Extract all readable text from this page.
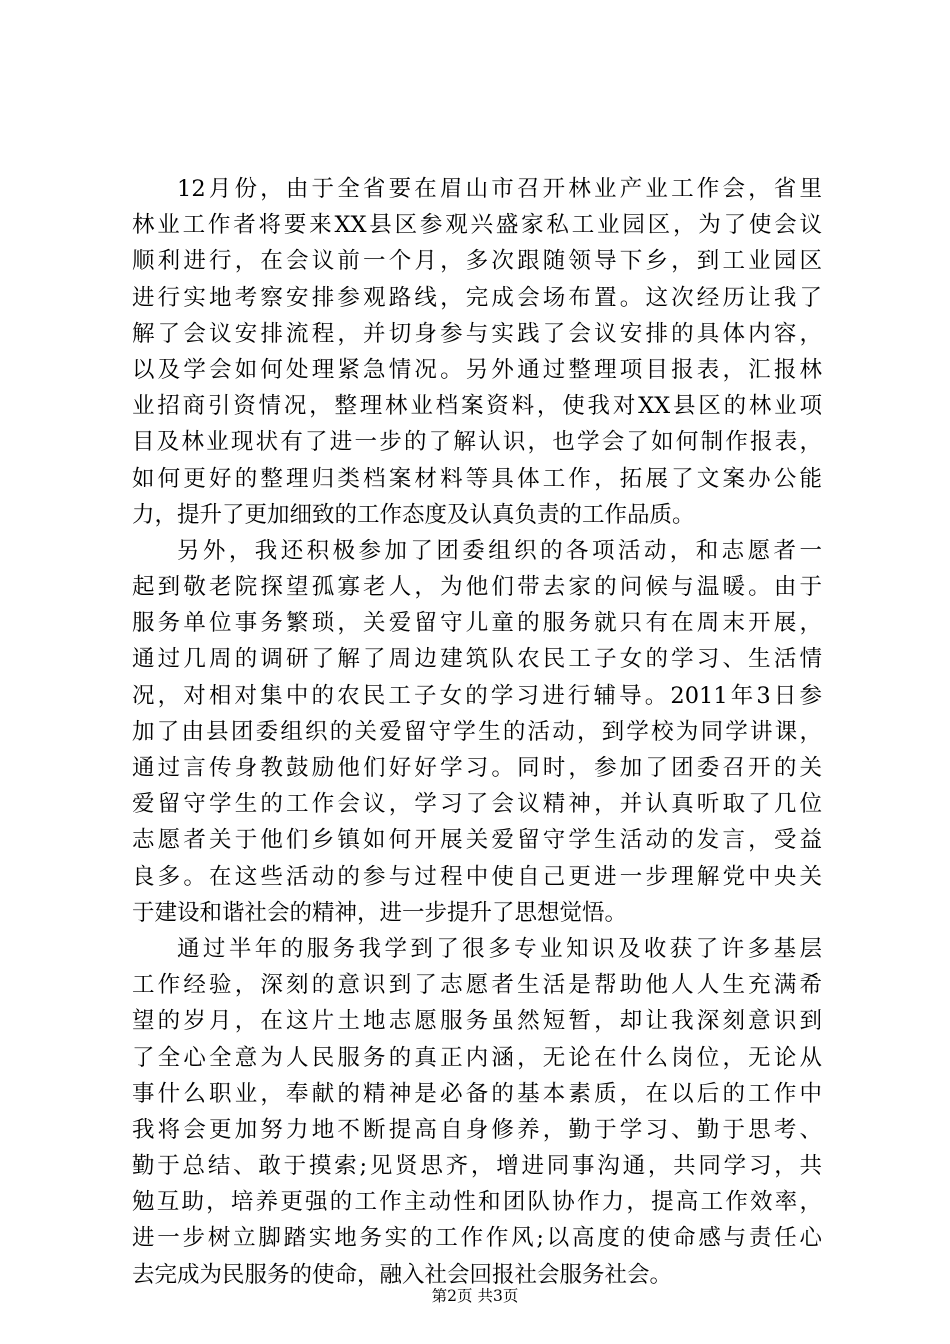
12月份，由于全省要在眉山市召开林业产业工作会，省里
林业工作者将要来XX县区参观兴盛家私工业园区，为了使会议
顺利进行，在会议前一个月，多次跟随领导下乡，到工业园区
进行实地考察安排参观路线，完成会场布置。这次经历让我了
解了会议安排流程，并切身参与实践了会议安排的具体内容，
以及学会如何处理紧急情况。另外通过整理项目报表，汇报林
业招商引资情况，整理林业档案资料，使我对XX县区的林业项
目及林业现状有了进一步的了解认识，也学会了如何制作报表，
如何更好的整理归类档案材料等具体工作，拓展了文案办公能
力，提升了更加细致的工作态度及认真负责的工作品质。
另外，我还积极参加了团委组织的各项活动，和志愿者一
起到敬老院探望孤寡老人，为他们带去家的问候与温暖。由于
服务单位事务繁琐，关爱留守儿童的服务就只有在周末开展，
通过几周的调研了解了周边建筑队农民工子女的学习、生活情
况，对相对集中的农民工子女的学习进行辅导。2011年3日参
加了由县团委组织的关爱留守学生的活动，到学校为同学讲课，
通过言传身教鼓励他们好好学习。同时，参加了团委召开的关
爱留守学生的工作会议，学习了会议精神，并认真听取了几位
志愿者关于他们乡镇如何开展关爱留守学生活动的发言，受益
良多。在这些活动的参与过程中使自己更进一步理解党中央关
于建设和谐社会的精神，进一步提升了思想觉悟。
通过半年的服务我学到了很多专业知识及收获了许多基层
工作经验，深刻的意识到了志愿者生活是帮助他人人生充满希
望的岁月，在这片土地志愿服务虽然短暂，却让我深刻意识到
了全心全意为人民服务的真正内涵，无论在什么岗位，无论从
事什么职业，奉献的精神是必备的基本素质，在以后的工作中
我将会更加努力地不断提高自身修养，勤于学习、勤于思考、
勤于总结、敢于摸索;见贤思齐，增进同事沟通，共同学习，共
勉互助，培养更强的工作主动性和团队协作力，提高工作效率，
进一步树立脚踏实地务实的工作作风;以高度的使命感与责任心
去完成为民服务的使命，融入社会回报社会服务社会。
第2页 共3页
